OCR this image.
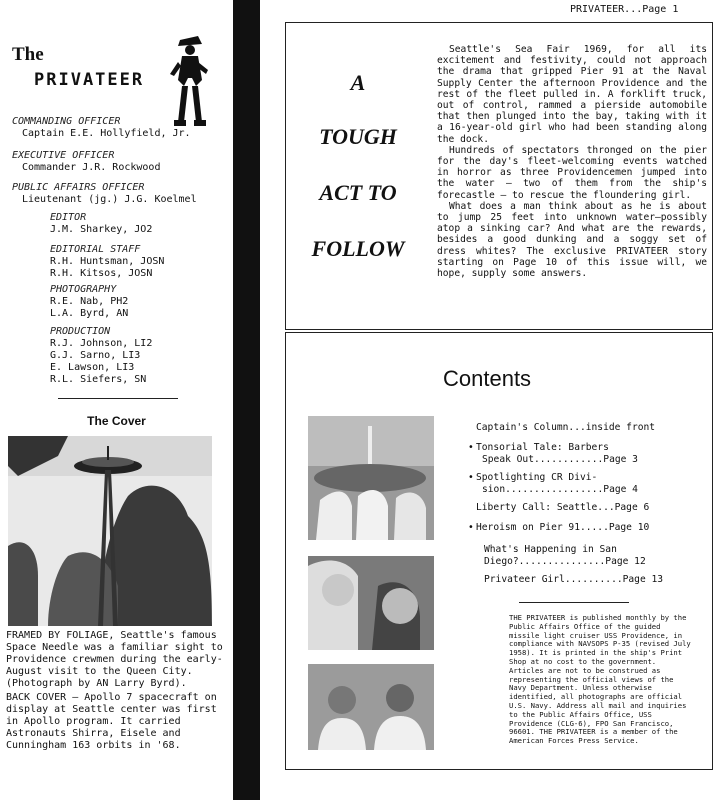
The
PRIVATEER
COMMANDING OFFICER
Captain E.E. Hollyfield, Jr.
EXECUTIVE OFFICER
Commander J.R. Rockwood
PUBLIC AFFAIRS OFFICER
Lieutenant (jg.) J.G. Koelmel
EDITOR
J.M. Sharkey, JO2
EDITORIAL STAFF
R.H. Huntsman, JOSN
R.H. Kitsos, JOSN
PHOTOGRAPHY
R.E. Nab, PH2
L.A. Byrd, AN
PRODUCTION
R.J. Johnson, LI2
G.J. Sarno, LI3
E. Lawson, LI3
R.L. Siefers, SN
The Cover
FRAMED BY FOLIAGE, Seattle's famous Space Needle was a familiar sight to Providence crewmen during the early-August visit to the Queen City. (Photograph by AN Larry Byrd).
BACK COVER — Apollo 7 spacecraft on display at Seattle center was first in Apollo program. It carried Astronauts Shirra, Eisele and Cunningham 163 orbits in '68.
PRIVATEER...Page 1
A
TOUGH
ACT TO
FOLLOW

Seattle's Sea Fair 1969, for all its excitement and festivity, could not approach the drama that gripped Pier 91 at the Naval Supply Center the afternoon Providence and the rest of the fleet pulled in. A forklift truck, out of control, rammed a pierside automobile that then plunged into the bay, taking with it a 16-year-old girl who had been standing along the dock.

Hundreds of spectators thronged on the pier for the day's fleet-welcoming events watched in horror as three Providencemen jumped into the water — two of them from the ship's forecastle — to rescue the floundering girl.

What does a man think about as he is about to jump 25 feet into unknown water—possibly atop a sinking car? And what are the rewards, besides a good dunking and a soggy set of dress whites? The exclusive PRIVATEER story starting on Page 10 of this issue will, we hope, supply some answers.

Contents
Captain's Column...inside front
• Tonsorial Tale: Barbers
Speak Out............Page 3
• Spotlighting CR Divi-
sion.................Page 4
Liberty Call: Seattle...Page 6
• Heroism on Pier 91.....Page 10
What's Happening in San
Diego?...............Page 12
Privateer Girl..........Page 13
THE PRIVATEER is published monthly by the Public Affairs Office of the guided missile light cruiser USS Providence, in compliance with NAVSOPS P-35 (revised July 1958). It is printed in the ship's Print Shop at no cost to the government. Articles are not to be construed as representing the official views of the Navy Department. Unless otherwise identified, all photographs are official U.S. Navy. Address all mail and inquiries to the Public Affairs Office, USS Providence (CLG-6), FPO San Francisco, 96601. THE PRIVATEER is a member of the American Forces Press Service.
